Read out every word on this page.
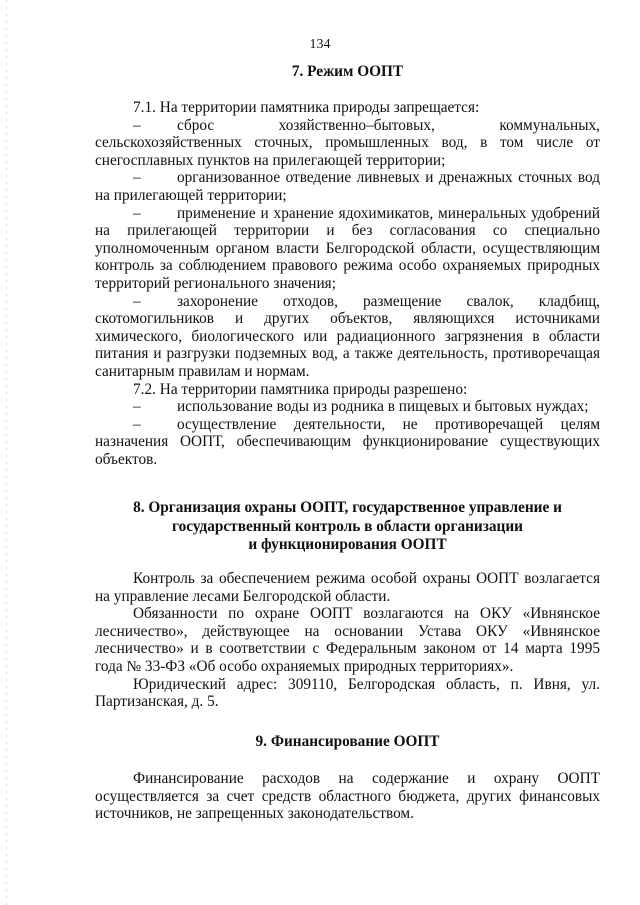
134

7. Режим ООПТ

7.1. На территории памятника природы запрещается:

– сброс хозяйственно–бытовых, коммунальных, сельскохозяйственных сточных, промышленных вод, в том числе от снегосплавных пунктов на прилегающей территории;

– организованное отведение ливневых и дренажных сточных вод на прилегающей территории;

– применение и хранение ядохимикатов, минеральных удобрений на прилегающей территории и без согласования со специально уполномоченным органом власти Белгородской области, осуществляющим контроль за соблюдением правового режима особо охраняемых природных территорий регионального значения;

– захоронение отходов, размещение свалок, кладбищ, скотомогильников и других объектов, являющихся источниками химического, биологического или радиационного загрязнения в области питания и разгрузки подземных вод, а также деятельность, противоречащая санитарным правилам и нормам.

7.2. На территории памятника природы разрешено:

– использование воды из родника в пищевых и бытовых нуждах;

– осуществление деятельности, не противоречащей целям назначения ООПТ, обеспечивающим функционирование существующих объектов.

8. Организация охраны ООПТ, государственное управление и

государственный контроль в области организации

и функционирования ООПТ

Контроль за обеспечением режима особой охраны ООПТ возлагается на управление лесами Белгородской области.

Обязанности по охране ООПТ возлагаются на ОКУ «Ивнянское лесничество», действующее на основании Устава ОКУ «Ивнянское лесничество» и в соответствии с Федеральным законом от 14 марта 1995 года № 33-ФЗ «Об особо охраняемых природных территориях».

Юридический адрес: 309110, Белгородская область, п. Ивня, ул. Партизанская, д. 5.

9. Финансирование ООПТ

Финансирование расходов на содержание и охрану ООПТ осуществляется за счет средств областного бюджета, других финансовых источников, не запрещенных законодательством.
